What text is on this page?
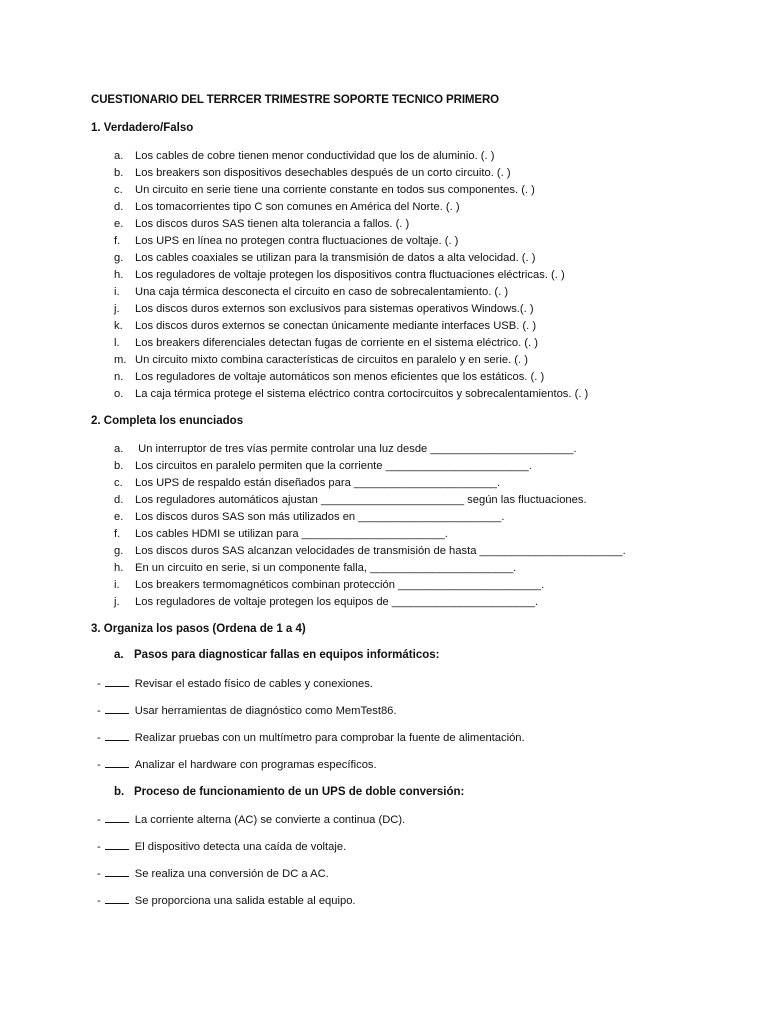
CUESTIONARIO DEL TERRCER TRIMESTRE SOPORTE TECNICO PRIMERO
1. Verdadero/Falso
a. Los cables de cobre tienen menor conductividad que los de aluminio. (. )
b. Los breakers son dispositivos desechables después de un corto circuito. (. )
c. Un circuito en serie tiene una corriente constante en todos sus componentes. (. )
d. Los tomacorrientes tipo C son comunes en América del Norte. (. )
e. Los discos duros SAS tienen alta tolerancia a fallos. (. )
f. Los UPS en línea no protegen contra fluctuaciones de voltaje. (. )
g. Los cables coaxiales se utilizan para la transmisión de datos a alta velocidad. (. )
h. Los reguladores de voltaje protegen los dispositivos contra fluctuaciones eléctricas. (. )
i. Una caja térmica desconecta el circuito en caso de sobrecalentamiento. (. )
j. Los discos duros externos son exclusivos para sistemas operativos Windows.(. )
k. Los discos duros externos se conectan únicamente mediante interfaces USB. (. )
l. Los breakers diferenciales detectan fugas de corriente en el sistema eléctrico. (. )
m. Un circuito mixto combina características de circuitos en paralelo y en serie. (. )
n. Los reguladores de voltaje automáticos son menos eficientes que los estáticos. (. )
o. La caja térmica protege el sistema eléctrico contra cortocircuitos y sobrecalentamientos. (. )
2. Completa los enunciados
a. Un interruptor de tres vías permite controlar una luz desde _______________________.
b. Los circuitos en paralelo permiten que la corriente _______________________.
c. Los UPS de respaldo están diseñados para _______________________.
d. Los reguladores automáticos ajustan _______________________ según las fluctuaciones.
e. Los discos duros SAS son más utilizados en _______________________.
f. Los cables HDMI se utilizan para _______________________.
g. Los discos duros SAS alcanzan velocidades de transmisión de hasta _______________________.
h. En un circuito en serie, si un componente falla, _______________________.
i. Los breakers termomagnéticos combinan protección _______________________.
j. Los reguladores de voltaje protegen los equipos de _______________________.
3. Organiza los pasos (Ordena de 1 a 4)
a. Pasos para diagnosticar fallas en equipos informáticos:
-	Revisar el estado físico de cables y conexiones.
-	Usar herramientas de diagnóstico como MemTest86.
-	Realizar pruebas con un multímetro para comprobar la fuente de alimentación.
-	Analizar el hardware con programas específicos.
b. Proceso de funcionamiento de un UPS de doble conversión:
-	La corriente alterna (AC) se convierte a continua (DC).
-	El dispositivo detecta una caída de voltaje.
-	Se realiza una conversión de DC a AC.
-	Se proporciona una salida estable al equipo.
